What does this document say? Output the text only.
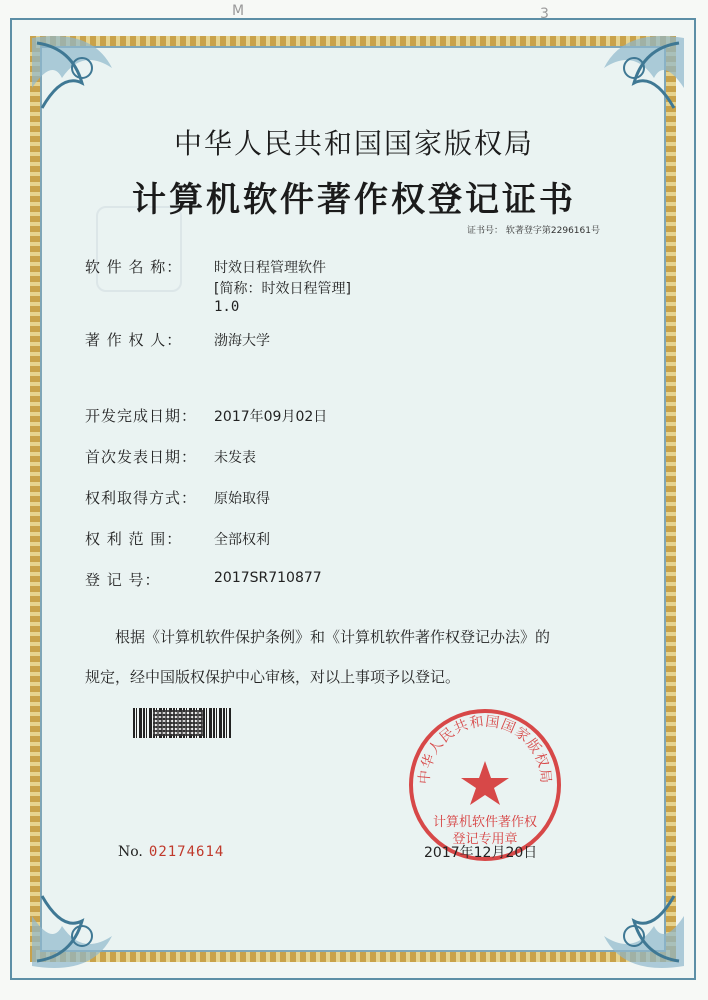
M	3
中华人民共和国国家版权局
计算机软件著作权登记证书
证书号： 软著登字第2296161号
软 件 名 称： 时效日程管理软件
[简称：时效日程管理]
1.0
著 作 权 人： 渤海大学
开发完成日期： 2017年09月02日
首次发表日期： 未发表
权利取得方式： 原始取得
权 利 范 围： 全部权利
登 记 号：	2017SR710877
根据《计算机软件保护条例》和《计算机软件著作权登记办法》的
规定，经中国版权保护中心审核，对以上事项予以登记。
中华人民共和国国家版权局
计算机软件著作权
登记专用章
No. 02174614	2017年12月20日
